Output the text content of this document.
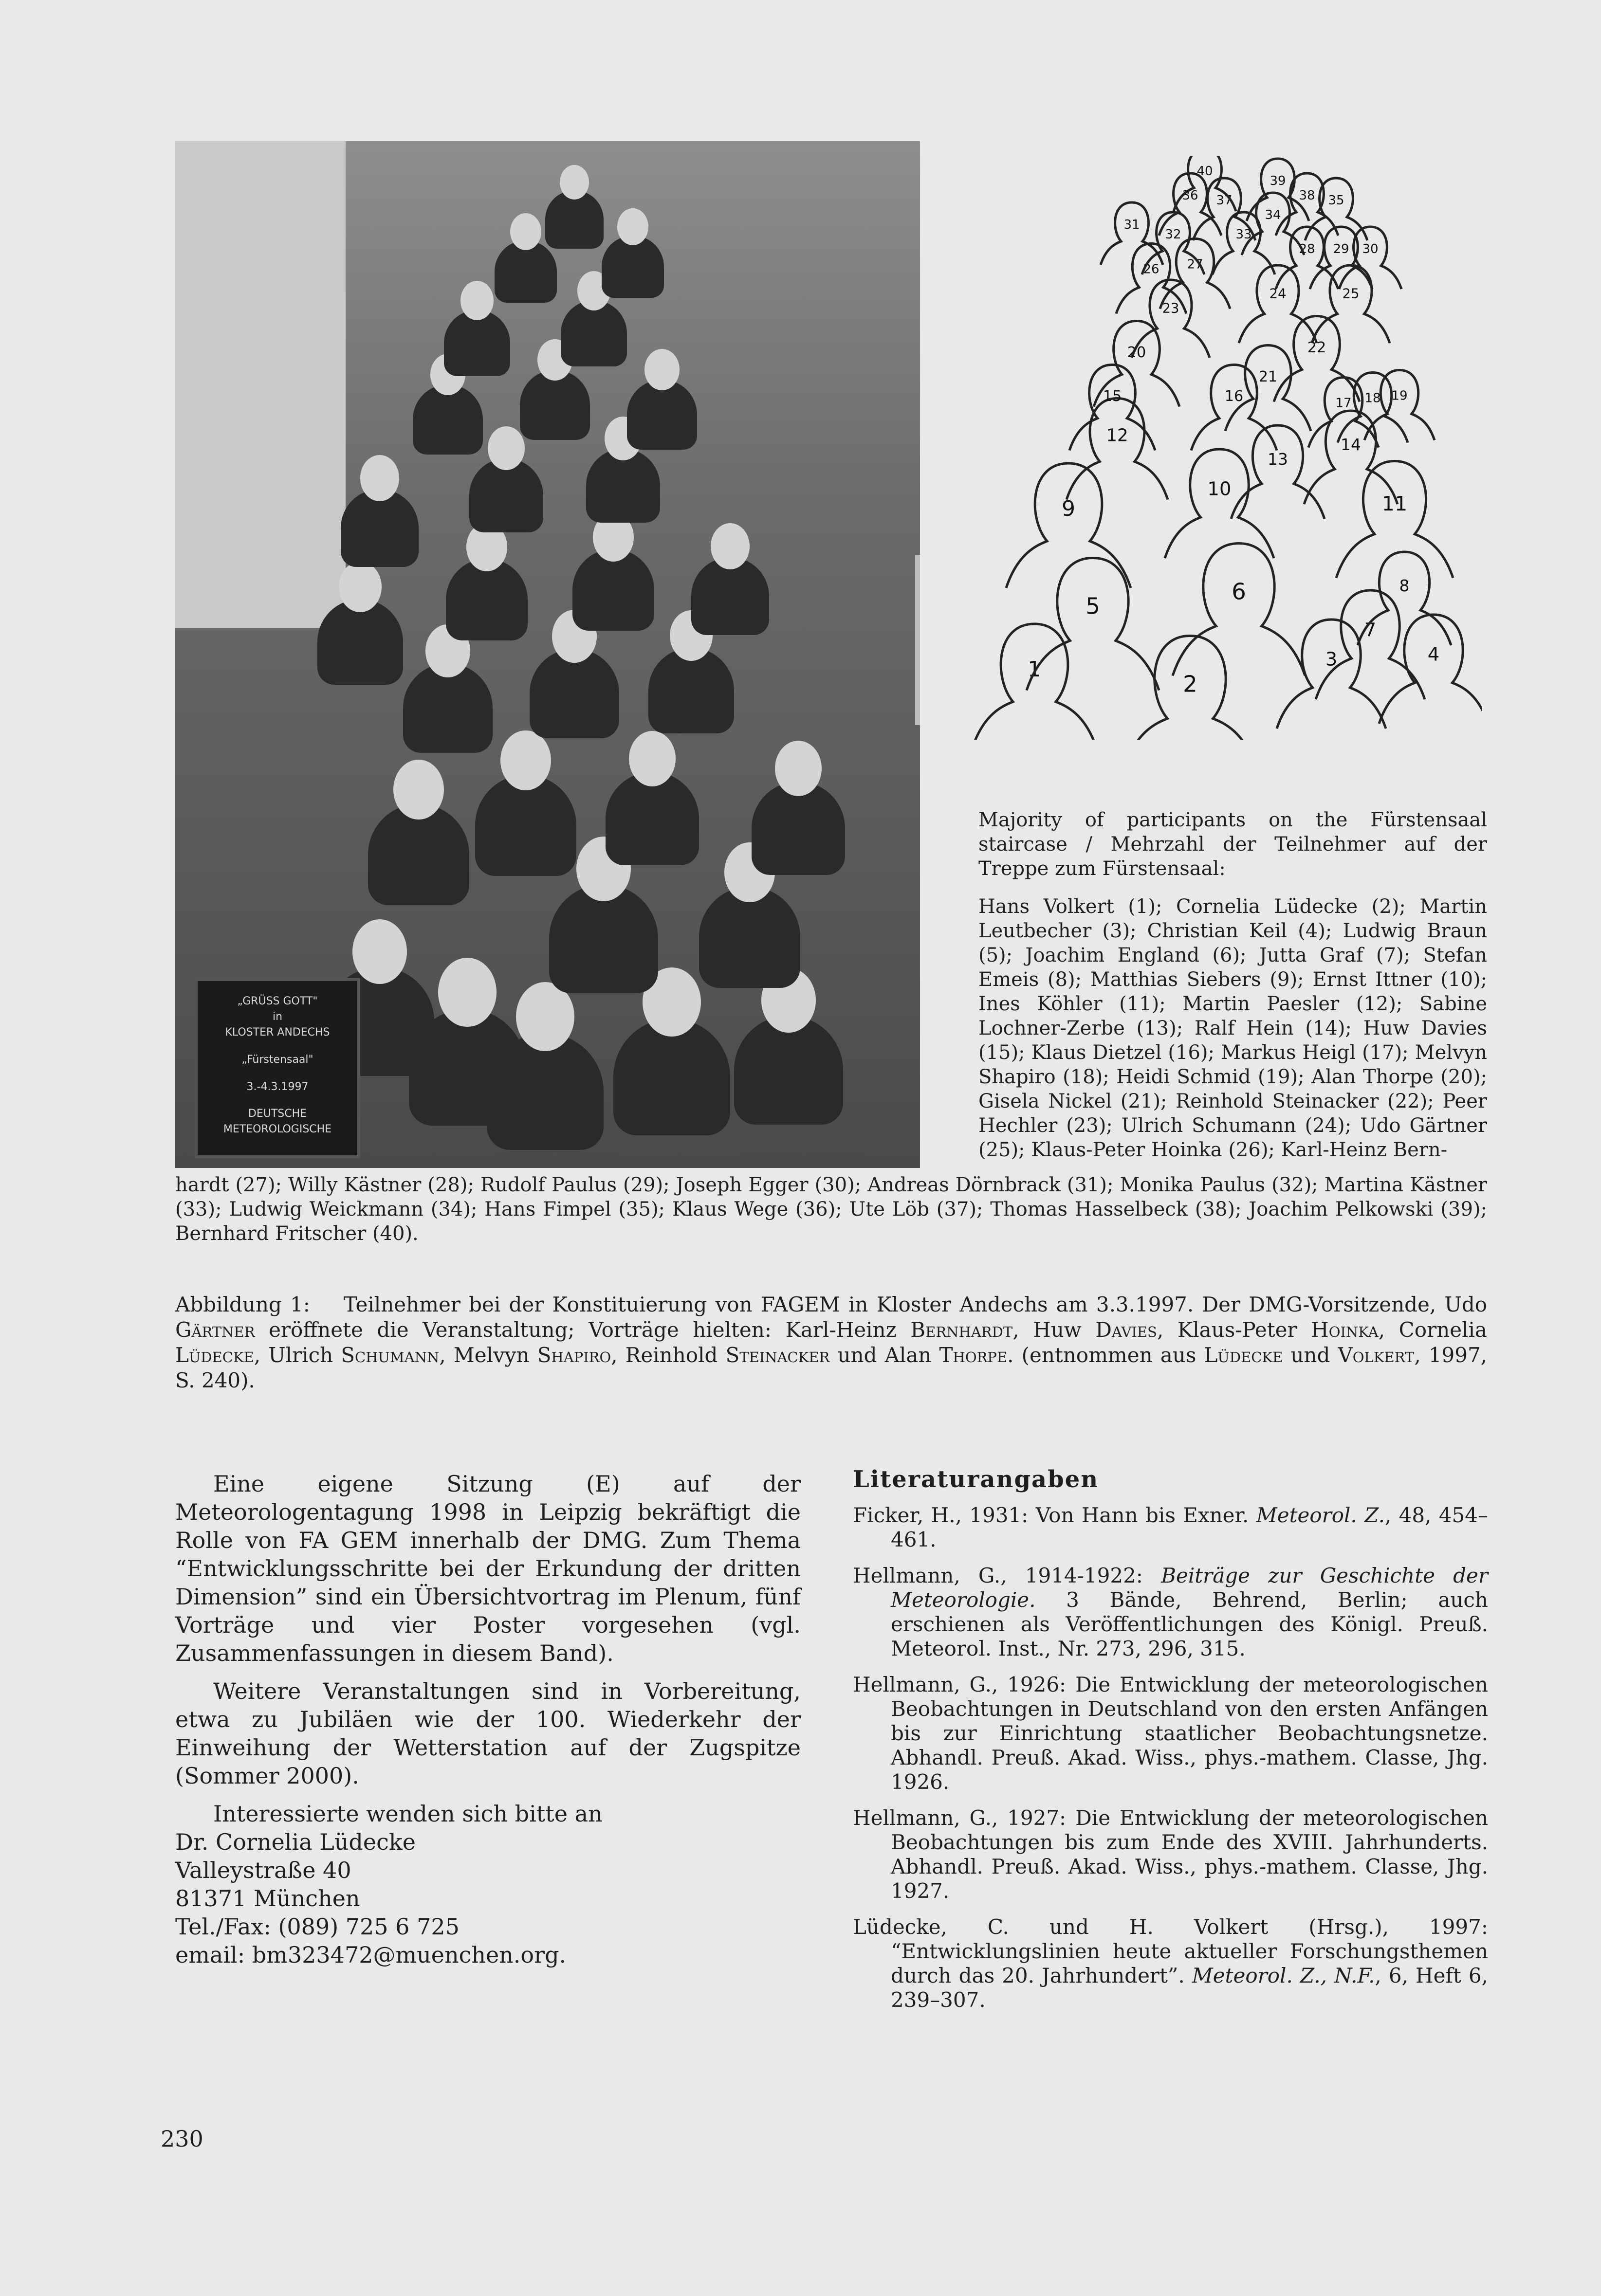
„GRÜSS GOTT"
in
KLOSTER ANDECHS
„Fürstensaal"
3.-4.3.1997
DEUTSCHE
METEOROLOGISCHE
1
2
3	4
5
6
7
8
9
10
11
12
13
14
15	16	17 18 19
20
21
22
23
24	25
26 27
28 29 30
31
32	33
34
35
36 37	38
39
40

Majority of participants on the Fürstensaal staircase / Mehrzahl der Teilnehmer auf der Treppe zum Fürstensaal:

Hans Volkert (1); Cornelia Lüdecke (2); Martin Leutbecher (3); Christian Keil (4); Ludwig Braun (5); Joachim England (6); Jutta Graf (7); Stefan Emeis (8); Matthias Siebers (9); Ernst Ittner (10); Ines Köhler (11); Martin Paesler (12); Sabine Lochner-Zerbe (13); Ralf Hein (14); Huw Davies (15); Klaus Dietzel (16); Markus Heigl (17); Melvyn Shapiro (18); Heidi Schmid (19); Alan Thorpe (20); Gisela Nickel (21); Reinhold Steinacker (22); Peer Hechler (23); Ulrich Schumann (24); Udo Gärtner (25); Klaus-Peter Hoinka (26); Karl-Heinz Bern-

hardt (27); Willy Kästner (28); Rudolf Paulus (29); Joseph Egger (30); Andreas Dörnbrack (31); Monika Paulus (32); Martina Kästner (33); Ludwig Weickmann (34); Hans Fimpel (35); Klaus Wege (36); Ute Löb (37); Thomas Hasselbeck (38); Joachim Pelkowski (39); Bernhard Fritscher (40).
Abbildung 1: Teilnehmer bei der Konstituierung von FAGEM in Kloster Andechs am 3.3.1997. Der DMG-Vorsitzende, Udo Gärtner eröffnete die Veranstaltung; Vorträge hielten: Karl-Heinz Bernhardt, Huw Davies, Klaus-Peter Hoinka, Cornelia Lüdecke, Ulrich Schumann, Melvyn Shapiro, Reinhold Steinacker und Alan Thorpe. (entnommen aus Lüdecke und Volkert, 1997, S. 240).

Eine eigene Sitzung (E) auf der Meteorologentagung 1998 in Leipzig bekräftigt die Rolle von FA GEM innerhalb der DMG. Zum Thema “Entwicklungsschritte bei der Erkundung der dritten Dimension” sind ein Übersichtvortrag im Plenum, fünf Vorträge und vier Poster vorgesehen (vgl. Zusammenfassungen in diesem Band).

Weitere Veranstaltungen sind in Vorbereitung, etwa zu Jubiläen wie der 100. Wiederkehr der Einweihung der Wetterstation auf der Zugspitze (Sommer 2000).

Interessierte wenden sich bitte an

Dr. Cornelia Lüdecke

Valleystraße 40

81371 München

Tel./Fax: (089) 725 6 725

email: bm323472@muenchen.org.

Literaturangaben

Ficker, H., 1931: Von Hann bis Exner. Meteorol. Z., 48, 454–461.

Hellmann, G., 1914-1922: Beiträge zur Geschichte der Meteorologie. 3 Bände, Behrend, Berlin; auch erschienen als Veröffentlichungen des Königl. Preuß. Meteorol. Inst., Nr. 273, 296, 315.

Hellmann, G., 1926: Die Entwicklung der meteorologischen Beobachtungen in Deutschland von den ersten Anfängen bis zur Einrichtung staatlicher Beobachtungsnetze. Abhandl. Preuß. Akad. Wiss., phys.-mathem. Classe, Jhg. 1926.

Hellmann, G., 1927: Die Entwicklung der meteorologischen Beobachtungen bis zum Ende des XVIII. Jahrhunderts. Abhandl. Preuß. Akad. Wiss., phys.-mathem. Classe, Jhg. 1927.

Lüdecke, C. und H. Volkert (Hrsg.), 1997: “Entwicklungslinien heute aktueller Forschungsthemen durch das 20. Jahrhundert”. Meteorol. Z., N.F., 6, Heft 6, 239–307.

230
